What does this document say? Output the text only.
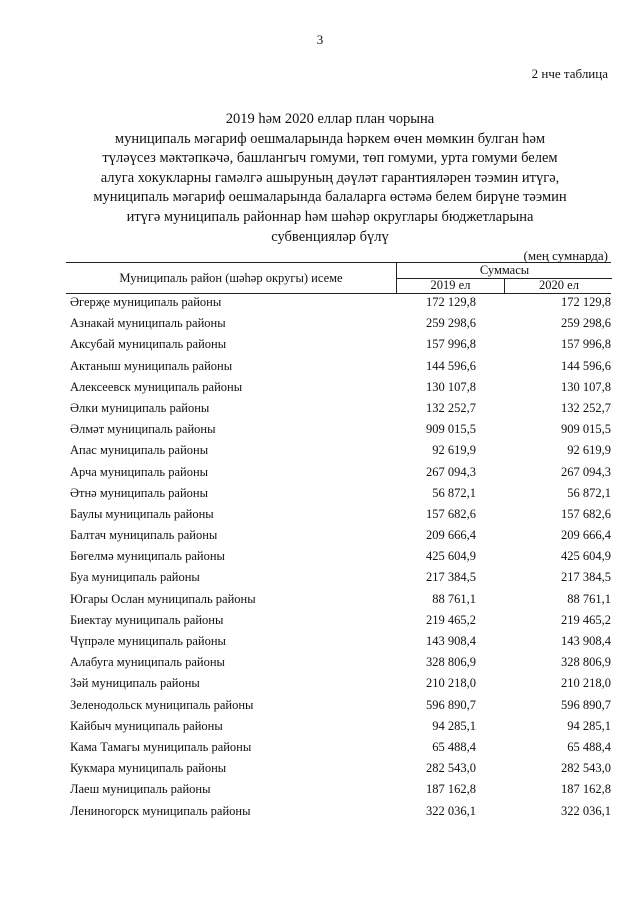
3
2 нче таблица
2019 һәм 2020 еллар план чорына
муниципаль мәгариф оешмаларында һәркем өчен мөмкин булган һәм
түләүсез мәктәпкәчә, башлангыч гомуми, төп гомуми, урта гомуми белем
алуга хокукларны гамәлгә ашыруның дәүләт гарантияләрен тәэмин итүгә,
муниципаль мәгариф оешмаларында балаларга өстәмә белем бирүне тәэмин
итүгә муниципаль районнар һәм шәһәр округлары бюджетларына
субвенцияләр бүлү
(мең сумнарда)
Муниципаль район (шәһәр округы) исеме
Суммасы
2019 ел	2020 ел
Әгерҗе муниципаль районы	172 129,8	172 129,8
Азнакай муниципаль районы	259 298,6	259 298,6
Аксубай муниципаль районы	157 996,8	157 996,8
Актаныш муниципаль районы	144 596,6	144 596,6
Алексеевск муниципаль районы	130 107,8	130 107,8
Әлки муниципаль районы	132 252,7	132 252,7
Әлмәт муниципаль районы	909 015,5	909 015,5
Апас муниципаль районы	92 619,9	92 619,9
Арча муниципаль районы	267 094,3	267 094,3
Әтнә муниципаль районы	56 872,1	56 872,1
Баулы муниципаль районы	157 682,6	157 682,6
Балтач муниципаль районы	209 666,4	209 666,4
Бөгелмә муниципаль районы	425 604,9	425 604,9
Буа муниципаль районы	217 384,5	217 384,5
Югары Ослан муниципаль районы	88 761,1	88 761,1
Биектау муниципаль районы	219 465,2	219 465,2
Чүпрәле муниципаль районы	143 908,4	143 908,4
Алабуга муниципаль районы	328 806,9	328 806,9
Зәй муниципаль районы	210 218,0	210 218,0
Зеленодольск муниципаль районы	596 890,7	596 890,7
Кайбыч муниципаль районы	94 285,1	94 285,1
Кама Тамагы муниципаль районы	65 488,4	65 488,4
Кукмара муниципаль районы	282 543,0	282 543,0
Лаеш муниципаль районы	187 162,8	187 162,8
Лениногорск муниципаль районы	322 036,1	322 036,1
